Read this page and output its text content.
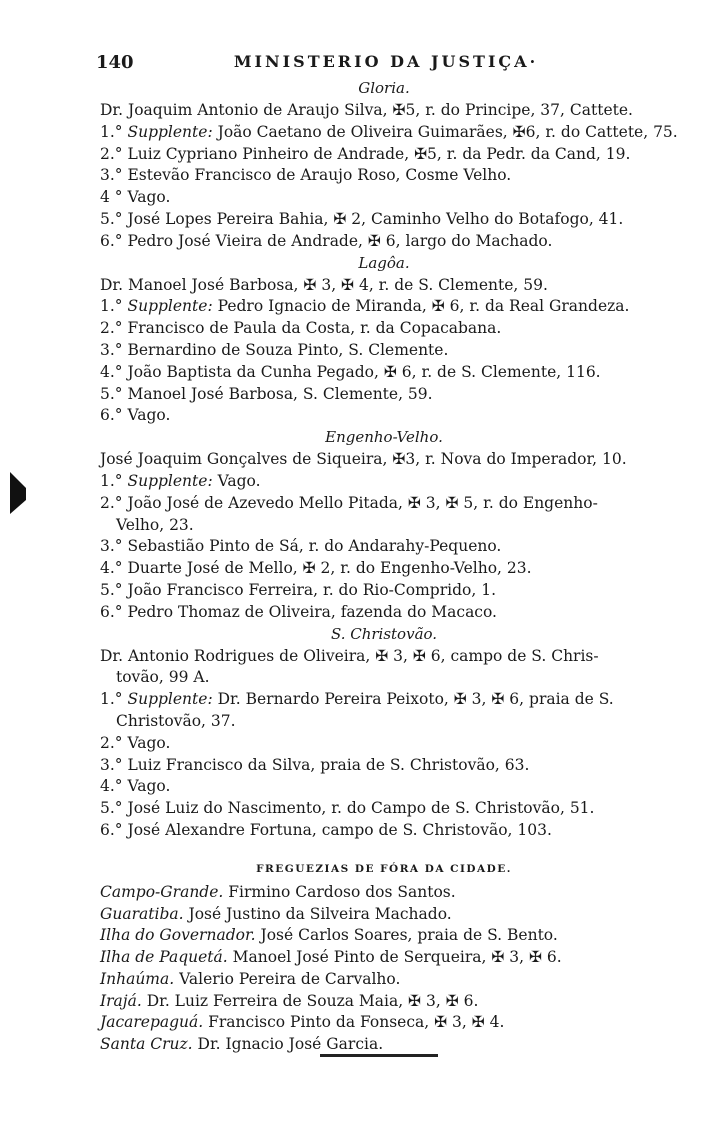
140	MINISTERIO DA JUSTIÇA·
Gloria.
Dr. Joaquim Antonio de Araujo Silva, ✠5, r. do Principe, 37, Cattete.
1.° Supplente: João Caetano de Oliveira Guimarães, ✠6, r. do Cattete, 75.
2.° Luiz Cypriano Pinheiro de Andrade, ✠5, r. da Pedr. da Cand, 19.
3.° Estevão Francisco de Araujo Roso, Cosme Velho.
4 ° Vago.
5.° José Lopes Pereira Bahia, ✠ 2, Caminho Velho do Botafogo, 41.
6.° Pedro José Vieira de Andrade, ✠ 6, largo do Machado.
Lagôa.
Dr. Manoel José Barbosa, ✠ 3, ✠ 4, r. de S. Clemente, 59.
1.° Supplente: Pedro Ignacio de Miranda, ✠ 6, r. da Real Grandeza.
2.° Francisco de Paula da Costa, r. da Copacabana.
3.° Bernardino de Souza Pinto, S. Clemente.
4.° João Baptista da Cunha Pegado, ✠ 6, r. de S. Clemente, 116.
5.° Manoel José Barbosa, S. Clemente, 59.
6.° Vago.
Engenho-Velho.
José Joaquim Gonçalves de Siqueira, ✠3, r. Nova do Imperador, 10.
1.° Supplente: Vago.
2.° João José de Azevedo Mello Pitada, ✠ 3, ✠ 5, r. do Engenho-
Velho, 23.
3.° Sebastião Pinto de Sá, r. do Andarahy-Pequeno.
4.° Duarte José de Mello, ✠ 2, r. do Engenho-Velho, 23.
5.° João Francisco Ferreira, r. do Rio-Comprido, 1.
6.° Pedro Thomaz de Oliveira, fazenda do Macaco.
S. Christovão.
Dr. Antonio Rodrigues de Oliveira, ✠ 3, ✠ 6, campo de S. Chris-
tovão, 99 A.
1.° Supplente: Dr. Bernardo Pereira Peixoto, ✠ 3, ✠ 6, praia de S.
Christovão, 37.
2.° Vago.
3.° Luiz Francisco da Silva, praia de S. Christovão, 63.
4.° Vago.
5.° José Luiz do Nascimento, r. do Campo de S. Christovão, 51.
6.° José Alexandre Fortuna, campo de S. Christovão, 103.
FREGUEZIAS DE FÓRA DA CIDADE.
Campo-Grande. Firmino Cardoso dos Santos.
Guaratiba. José Justino da Silveira Machado.
Ilha do Governador. José Carlos Soares, praia de S. Bento.
Ilha de Paquetá. Manoel José Pinto de Serqueira, ✠ 3, ✠ 6.
Inhaúma. Valerio Pereira de Carvalho.
Irajá. Dr. Luiz Ferreira de Souza Maia, ✠ 3, ✠ 6.
Jacarepaguá. Francisco Pinto da Fonseca, ✠ 3, ✠ 4.
Santa Cruz. Dr. Ignacio José Garcia.
